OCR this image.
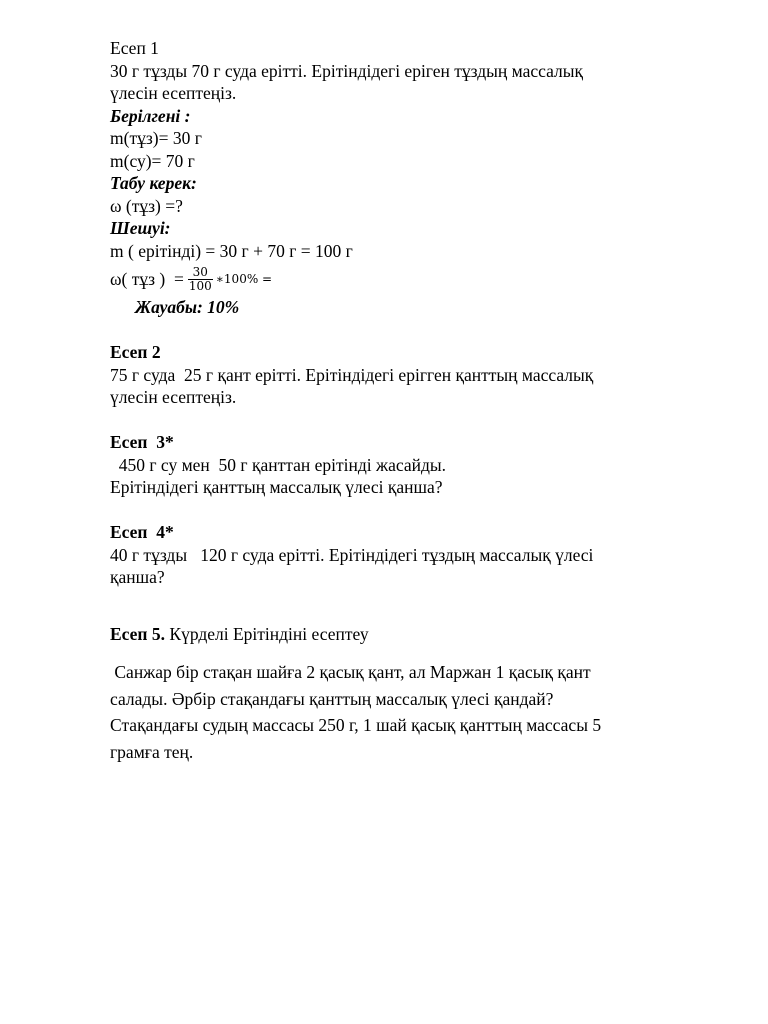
Есеп 1

30 г тұзды 70 г суда ерітті. Ерітіндідегі еріген тұздың массалық

үлесін есептеңіз.

Берілгені :

m(тұз)= 30 г

m(су)= 70 г

Табу керек:

ω (тұз) =?

Шешуі:

m ( ерітінді) = 30 г + 70 г = 100 г

ω( тұз )  = $\frac{30}{100}$ ∗100% =

Жауабы: 10%

Есеп 2

75 г суда  25 г қант ерітті. Ерітіндідегі ерігген қанттың массалық

үлесін есептеңіз.

Есеп  3*

450 г су мен  50 г қанттан ерітінді жасайды.

Ерітіндідегі қанттың массалық үлесі қанша?

Есеп  4*

40 г тұзды   120 г суда ерітті. Ерітіндідегі тұздың массалық үлесі

қанша?

Есеп 5. Күрделі Ерітіндіні есептеу

Санжар бір стақан шайға 2 қасық қант, ал Маржан 1 қасық қант

салады. Әрбір стақандағы қанттың массалық үлесі қандай?

Стақандағы судың массасы 250 г, 1 шай қасық қанттың массасы 5

грамға тең.
